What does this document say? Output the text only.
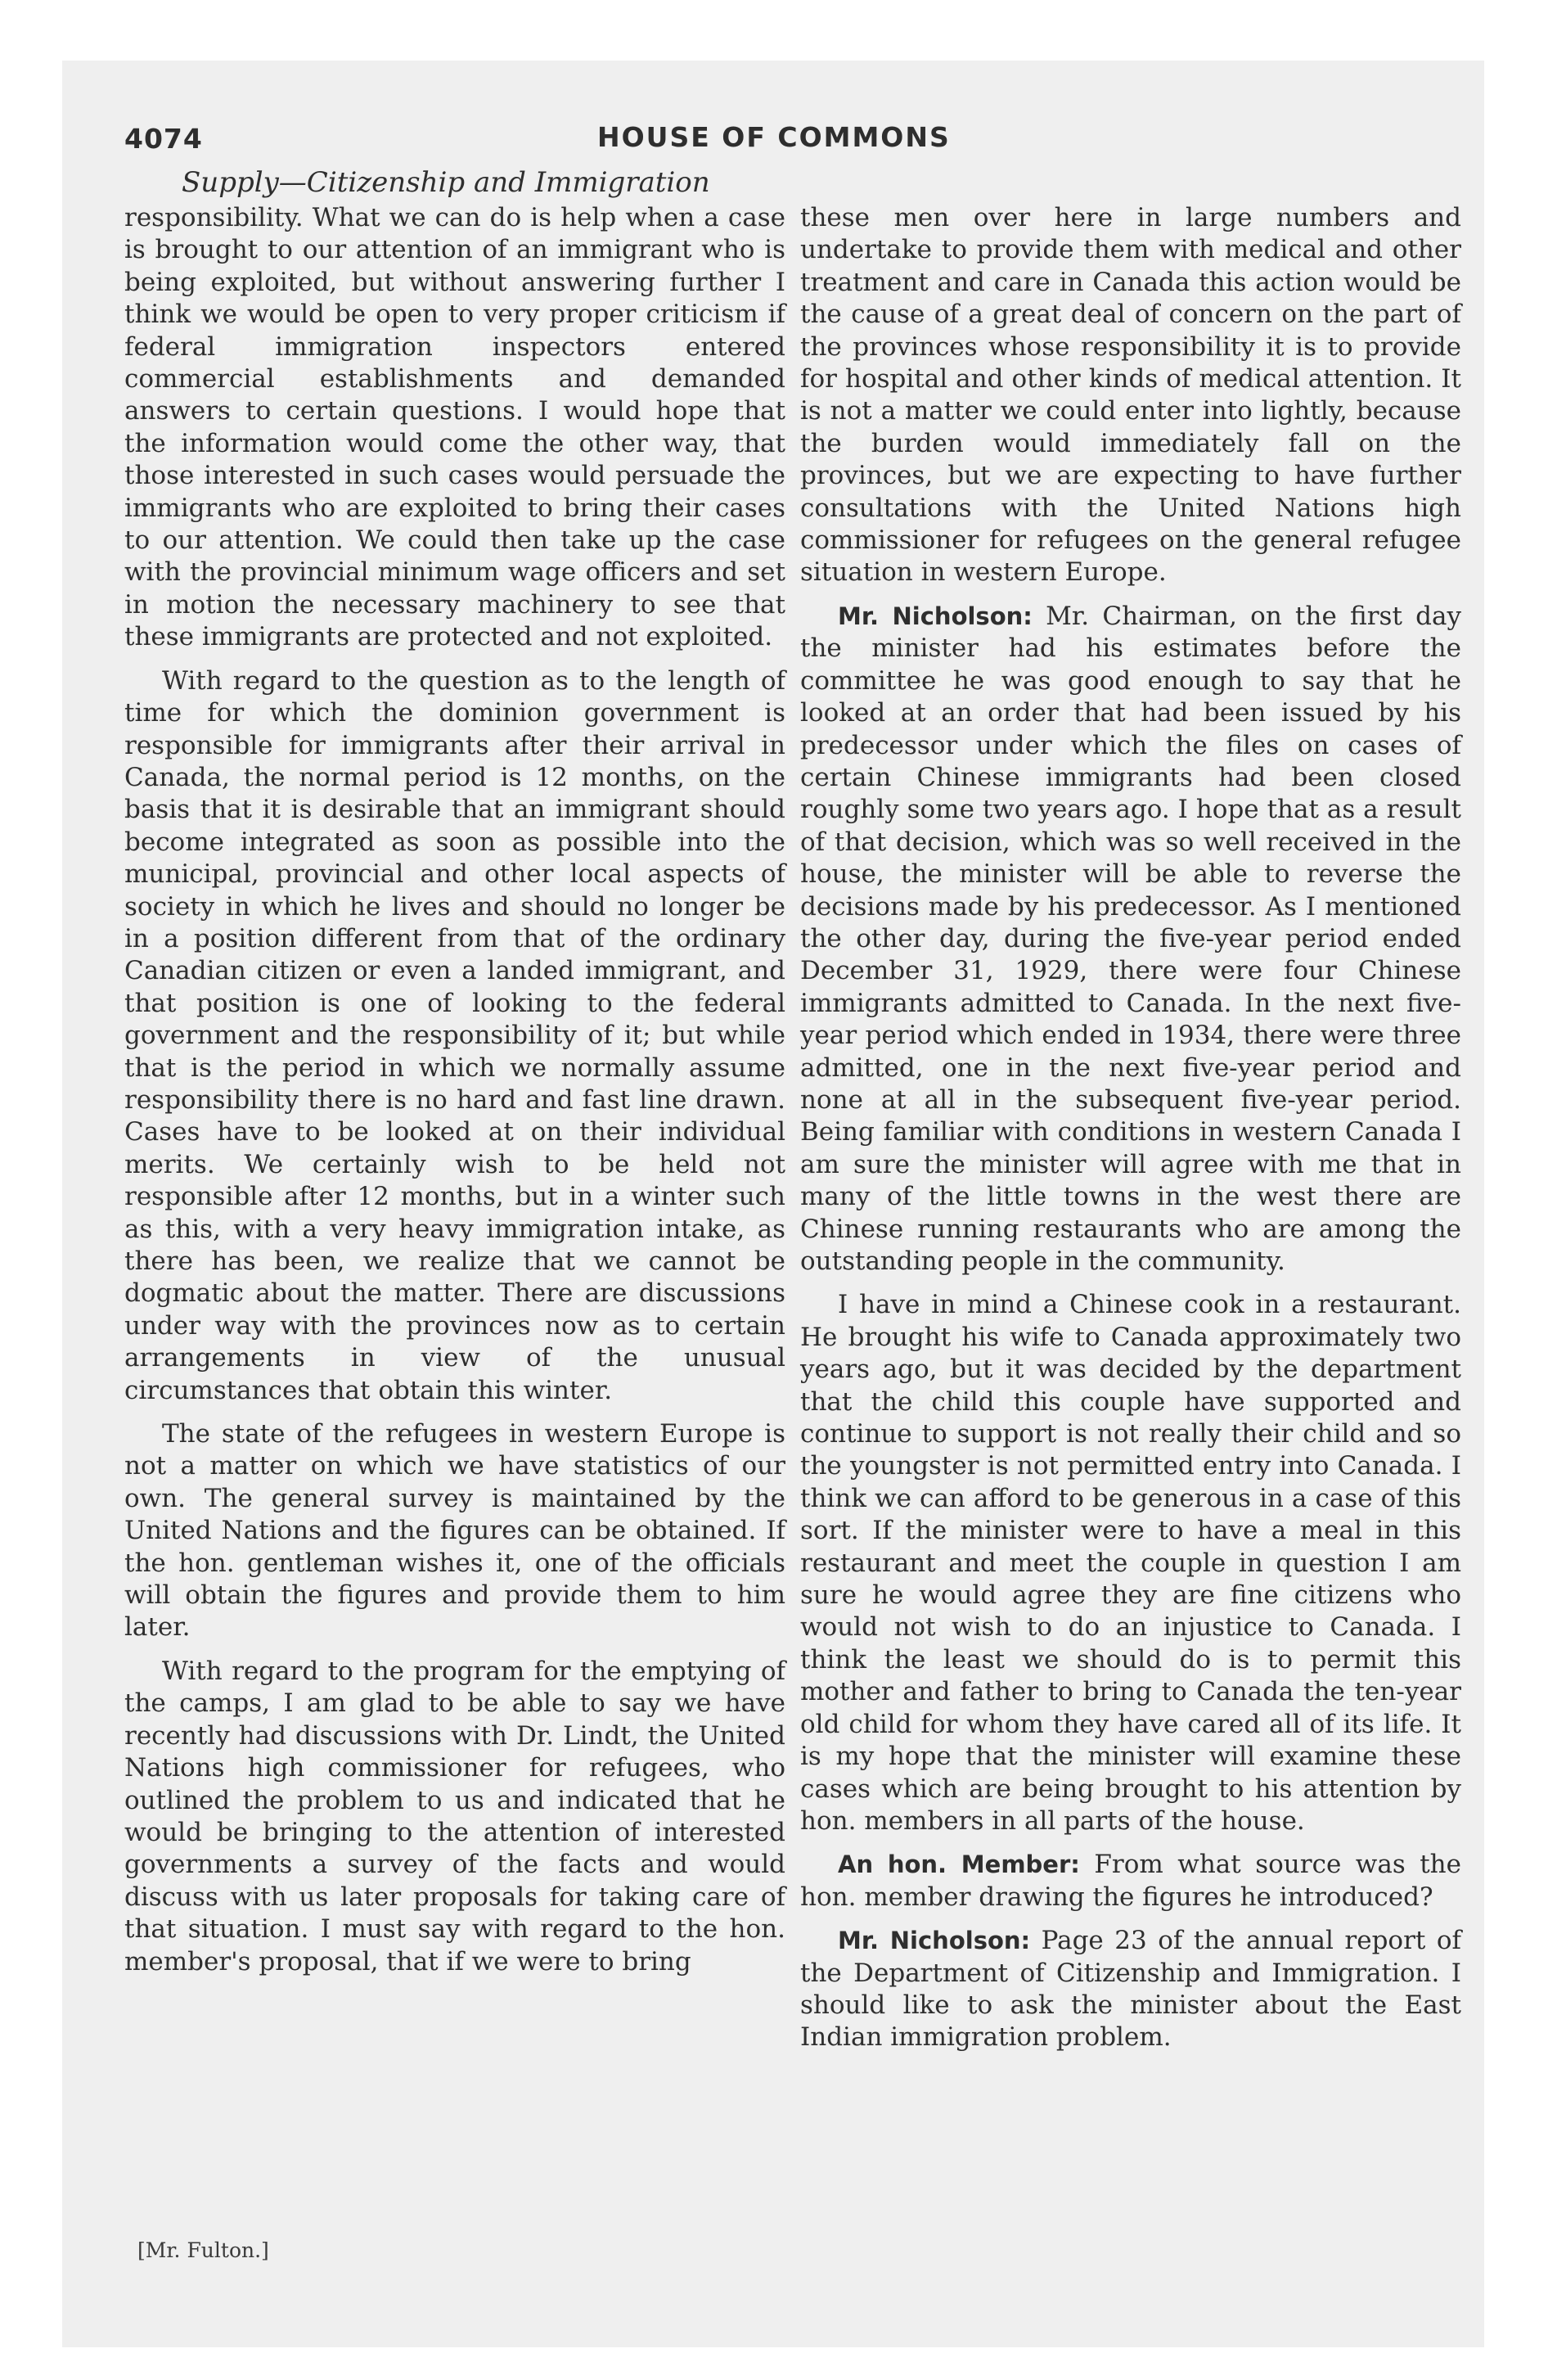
4074	HOUSE OF COMMONS
Supply—Citizenship and Immigration

responsibility. What we can do is help when a case is brought to our attention of an immigrant who is being exploited, but without answering further I think we would be open to very proper criticism if federal immigration inspectors entered commercial establishments and demanded answers to certain questions. I would hope that the information would come the other way, that those interested in such cases would persuade the immigrants who are exploited to bring their cases to our attention. We could then take up the case with the provincial minimum wage officers and set in motion the necessary machinery to see that these immigrants are protected and not exploited.

With regard to the question as to the length of time for which the dominion government is responsible for immigrants after their arrival in Canada, the normal period is 12 months, on the basis that it is desirable that an immigrant should become integrated as soon as possible into the municipal, provincial and other local aspects of society in which he lives and should no longer be in a position different from that of the ordinary Canadian citizen or even a landed immigrant, and that position is one of looking to the federal government and the responsibility of it; but while that is the period in which we normally assume responsibility there is no hard and fast line drawn. Cases have to be looked at on their individual merits. We certainly wish to be held not responsible after 12 months, but in a winter such as this, with a very heavy immigration intake, as there has been, we realize that we cannot be dogmatic about the matter. There are discussions under way with the provinces now as to certain arrangements in view of the unusual circumstances that obtain this winter.

The state of the refugees in western Europe is not a matter on which we have statistics of our own. The general survey is maintained by the United Nations and the figures can be obtained. If the hon. gentleman wishes it, one of the officials will obtain the figures and provide them to him later.

With regard to the program for the emptying of the camps, I am glad to be able to say we have recently had discussions with Dr. Lindt, the United Nations high commissioner for refugees, who outlined the problem to us and indicated that he would be bringing to the attention of interested governments a survey of the facts and would discuss with us later proposals for taking care of that situation. I must say with regard to the hon. member's proposal, that if we were to bring

these men over here in large numbers and undertake to provide them with medical and other treatment and care in Canada this action would be the cause of a great deal of concern on the part of the provinces whose responsibility it is to provide for hospital and other kinds of medical attention. It is not a matter we could enter into lightly, because the burden would immediately fall on the provinces, but we are expecting to have further consultations with the United Nations high commissioner for refugees on the general refugee situation in western Europe.

Mr. Nicholson: Mr. Chairman, on the first day the minister had his estimates before the committee he was good enough to say that he looked at an order that had been issued by his predecessor under which the files on cases of certain Chinese immigrants had been closed roughly some two years ago. I hope that as a result of that decision, which was so well received in the house, the minister will be able to reverse the decisions made by his predecessor. As I mentioned the other day, during the five-year period ended December 31, 1929, there were four Chinese immigrants admitted to Canada. In the next five-year period which ended in 1934, there were three admitted, one in the next five-year period and none at all in the subsequent five-year period. Being familiar with conditions in western Canada I am sure the minister will agree with me that in many of the little towns in the west there are Chinese running restaurants who are among the outstanding people in the community.

I have in mind a Chinese cook in a restaurant. He brought his wife to Canada approximately two years ago, but it was decided by the department that the child this couple have supported and continue to support is not really their child and so the youngster is not permitted entry into Canada. I think we can afford to be generous in a case of this sort. If the minister were to have a meal in this restaurant and meet the couple in question I am sure he would agree they are fine citizens who would not wish to do an injustice to Canada. I think the least we should do is to permit this mother and father to bring to Canada the ten-year old child for whom they have cared all of its life. It is my hope that the minister will examine these cases which are being brought to his attention by hon. members in all parts of the house.

An hon. Member: From what source was the hon. member drawing the figures he introduced?

Mr. Nicholson: Page 23 of the annual report of the Department of Citizenship and Immigration. I should like to ask the minister about the East Indian immigration problem.

[Mr. Fulton.]
